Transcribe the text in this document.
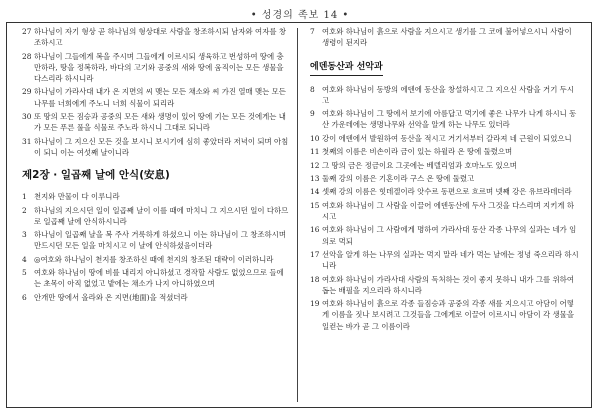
• 성경의 족보 14 •

27 하나님이 자기 형상 곧 하나님의 형상대로 사람을 창조하시되 남자와 여자를 창조하시고

28 하나님이 그들에게 복을 주시며 그들에게 이르시되 생육하고 번성하여 땅에 충만하라, 땅을 정복하라, 바다의 고기와 공중의 새와 땅에 움직이는 모든 생물을 다스리라 하시니라

29 하나님이 가라사대 내가 온 지면의 씨 맺는 모든 채소와 씨 가진 열매 맺는 모든 나무를 너희에게 주노니 너희 식물이 되리라

30 또 땅의 모든 짐승과 공중의 모든 새와 생명이 있어 땅에 기는 모든 것에게는 내가 모든 푸른 풀을 식물로 주노라 하시니 그대로 되니라

31 하나님이 그 지으신 모든 것을 보시니 보시기에 심히 좋았더라 저녁이 되며 아침이 되니 이는 여섯째 날이니라

제2장 · 일곱째 날에 안식(安息)

1 천지와 만물이 다 이루니라

2 하나님의 지으시던 일이 일곱째 날이 이를 때에 마치니 그 지으시던 일이 다하므로 일곱째 날에 안식하시니라

3 하나님이 일곱째 날을 복 주사 거룩하게 하셨으니 이는 하나님이 그 창조하시며 만드시던 모든 일을 마치시고 이 날에 안식하셨음이더라

4 ◎여호와 하나님이 천지를 창조하신 때에 천지의 창조된 대략이 이러하니라

5 여호와 하나님이 땅에 비를 내리지 아니하셨고 경작할 사람도 없었으므로 들에는 초목이 아직 없었고 밭에는 채소가 나지 아니하였으며

6 안개만 땅에서 올라와 온 지면(地面)을 적셨더라

7 여호와 하나님이 흙으로 사람을 지으시고 생기를 그 코에 불어넣으시니 사람이 생령이 된지라

에덴동산과 선악과

8 여호와 하나님이 동방의 에덴에 동산을 창설하시고 그 지으신 사람을 거기 두시고

9 여호와 하나님이 그 땅에서 보기에 아름답고 먹기에 좋은 나무가 나게 하시니 동산 가운데에는 생명나무와 선악을 알게 하는 나무도 있더라

10 강이 에덴에서 발원하여 동산을 적시고 거기서부터 갈라져 네 근원이 되었으니

11 첫째의 이름은 비손이라 금이 있는 하윌라 온 땅에 둘렸으며

12 그 땅의 금은 정금이요 그곳에는 베델리엄과 호마노도 있으며

13 둘째 강의 이름은 기혼이라 구스 온 땅에 둘렸고

14 셋째 강의 이름은 힛데겔이라 앗수르 동편으로 흐르며 넷째 강은 유브라데더라

15 여호와 하나님이 그 사람을 이끌어 에덴동산에 두사 그것을 다스리며 지키게 하시고

16 여호와 하나님이 그 사람에게 명하여 가라사대 동산 각종 나무의 실과는 네가 임의로 먹되

17 선악을 알게 하는 나무의 실과는 먹지 말라 네가 먹는 날에는 정녕 죽으리라 하시니라

18 여호와 하나님이 가라사대 사람의 독처하는 것이 좋지 못하니 내가 그를 위하여 돕는 배필을 지으리라 하시니라

19 여호와 하나님이 흙으로 각종 들짐승과 공중의 각종 새를 지으시고 아담이 어떻게 이름을 짓나 보시려고 그것들을 그에게로 이끌어 이르시니 아담이 각 생물을 일컫는 바가 곧 그 이름이라
